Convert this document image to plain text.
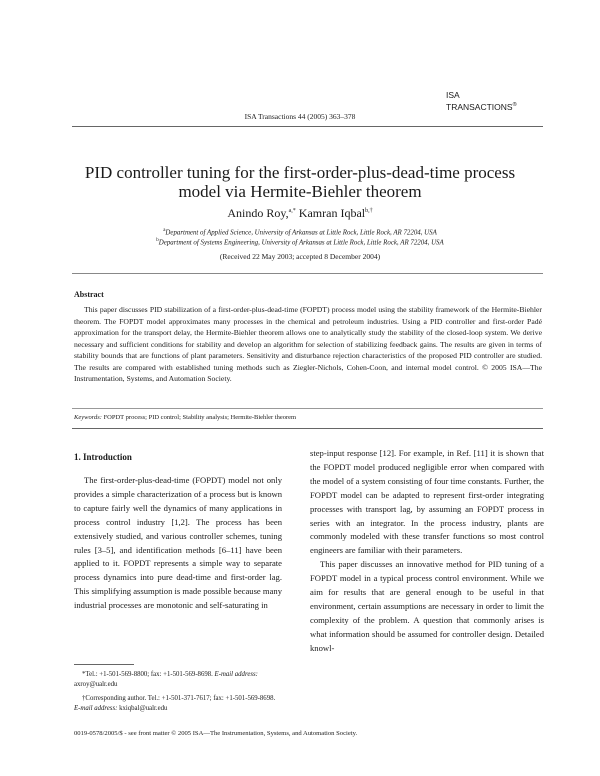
ISA
TRANSACTIONS®
ISA Transactions 44 (2005) 363–378
PID controller tuning for the first-order-plus-dead-time process model via Hermite-Biehler theorem
Anindo Roy,$^{a,*}$ Kamran Iqbal$^{b,\dagger}$
$^a$Department of Applied Science, University of Arkansas at Little Rock, Little Rock, AR 72204, USA
$^b$Department of Systems Engineering, University of Arkansas at Little Rock, Little Rock, AR 72204, USA
(Received 22 May 2003; accepted 8 December 2004)
Abstract
This paper discusses PID stabilization of a first-order-plus-dead-time (FOPDT) process model using the stability framework of the Hermite-Biehler theorem. The FOPDT model approximates many processes in the chemical and petroleum industries. Using a PID controller and first-order Padé approximation for the transport delay, the Hermite-Biehler theorem allows one to analytically study the stability of the closed-loop system. We derive necessary and sufficient conditions for stability and develop an algorithm for selection of stabilizing feedback gains. The results are given in terms of stability bounds that are functions of plant parameters. Sensitivity and disturbance rejection characteristics of the proposed PID controller are studied. The results are compared with established tuning methods such as Ziegler-Nichols, Cohen-Coon, and internal model control. © 2005 ISA—The Instrumentation, Systems, and Automation Society.
Keywords: FOPDT process; PID control; Stability analysis; Hermite-Biehler theorem
1. Introduction

The first-order-plus-dead-time (FOPDT) model not only provides a simple characterization of a process but is known to capture fairly well the dynamics of many applications in process control industry [1,2]. The process has been extensively studied, and various controller schemes, tuning rules [3–5], and identification methods [6–11] have been applied to it. FOPDT represents a simple way to separate process dynamics into pure dead-time and first-order lag. This simplifying assumption is made possible because many industrial processes are monotonic and self-saturating in

step-input response [12]. For example, in Ref. [11] it is shown that the FOPDT model produced negligible error when compared with the model of a system consisting of four time constants. Further, the FOPDT model can be adapted to represent first-order integrating processes with transport lag, by assuming an FOPDT process in series with an integrator. In the process industry, plants are commonly modeled with these transfer functions so most control engineers are familiar with their parameters.

This paper discusses an innovative method for PID tuning of a FOPDT model in a typical process control environment. While we aim for results that are general enough to be useful in that environment, certain assumptions are necessary in order to limit the complexity of the problem. A question that commonly arises is what information should be assumed for controller design. Detailed knowl-

*Tel.: +1-501-569-8800; fax: +1-501-569-8698. E-mail address: axroy@ualr.edu
†Corresponding author. Tel.: +1-501-371-7617; fax: +1-501-569-8698. E-mail address: kxiqbal@ualr.edu
0019-0578/2005/$ - see front matter © 2005 ISA—The Instrumentation, Systems, and Automation Society.
